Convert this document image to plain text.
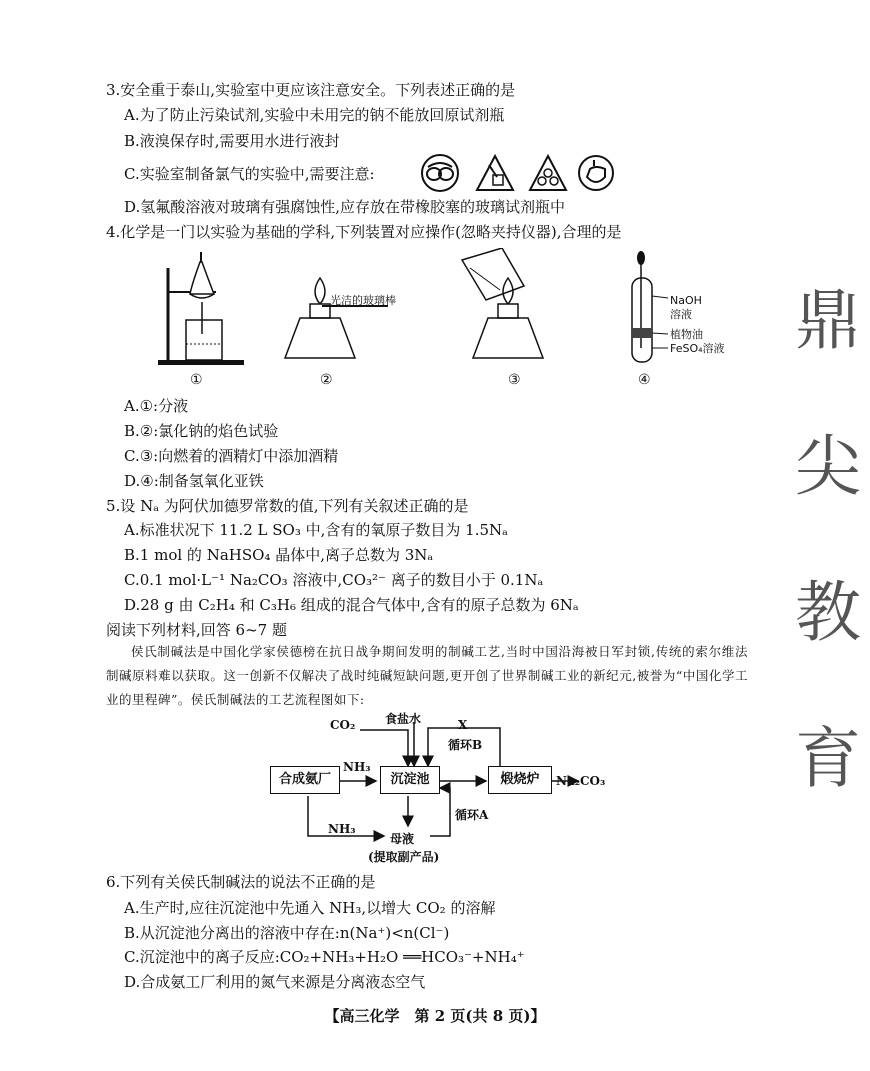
3.安全重于泰山,实验室中更应该注意安全。下列表述正确的是
A.为了防止污染试剂,实验中未用完的钠不能放回原试剂瓶
B.液溴保存时,需要用水进行液封
C.实验室制备氯气的实验中,需要注意:
D.氢氟酸溶液对玻璃有强腐蚀性,应存放在带橡胶塞的玻璃试剂瓶中
4.化学是一门以实验为基础的学科,下列装置对应操作(忽略夹持仪器),合理的是
光洁的玻璃棒	NaOH
溶液
植物油
FeSO₄溶液
①	②	③	④
A.①:分液
B.②:氯化钠的焰色试验
C.③:向燃着的酒精灯中添加酒精
D.④:制备氢氧化亚铁
5.设 Nₐ 为阿伏加德罗常数的值,下列有关叙述正确的是
A.标准状况下 11.2 L SO₃ 中,含有的氧原子数目为 1.5Nₐ
B.1 mol 的 NaHSO₄ 晶体中,离子总数为 3Nₐ
C.0.1 mol·L⁻¹ Na₂CO₃ 溶液中,CO₃²⁻ 离子的数目小于 0.1Nₐ
D.28 g 由 C₂H₄ 和 C₃H₆ 组成的混合气体中,含有的原子总数为 6Nₐ
阅读下列材料,回答 6~7 题
侯氏制碱法是中国化学家侯德榜在抗日战争期间发明的制碱工艺,当时中国沿海被日军封锁,传统的索尔维法制碱原料难以获取。这一创新不仅解决了战时纯碱短缺问题,更开创了世界制碱工业的新纪元,被誉为“中国化学工业的里程碑”。侯氏制碱法的工艺流程图如下:
合成氨厂	沉淀池	煅烧炉
CO₂ 食盐水	X
循环B
NH₃
Na₂CO₃
循环A
NH₃
母液
(提取副产品)
6.下列有关侯氏制碱法的说法不正确的是
A.生产时,应往沉淀池中先通入 NH₃,以增大 CO₂ 的溶解
B.从沉淀池分离出的溶液中存在:n(Na⁺)<n(Cl⁻)
C.沉淀池中的离子反应:CO₂+NH₃+H₂O ══HCO₃⁻+NH₄⁺
D.合成氨工厂利用的氮气来源是分离液态空气
鼎
尖
教
育
【高三化学　第 2 页(共 8 页)】
